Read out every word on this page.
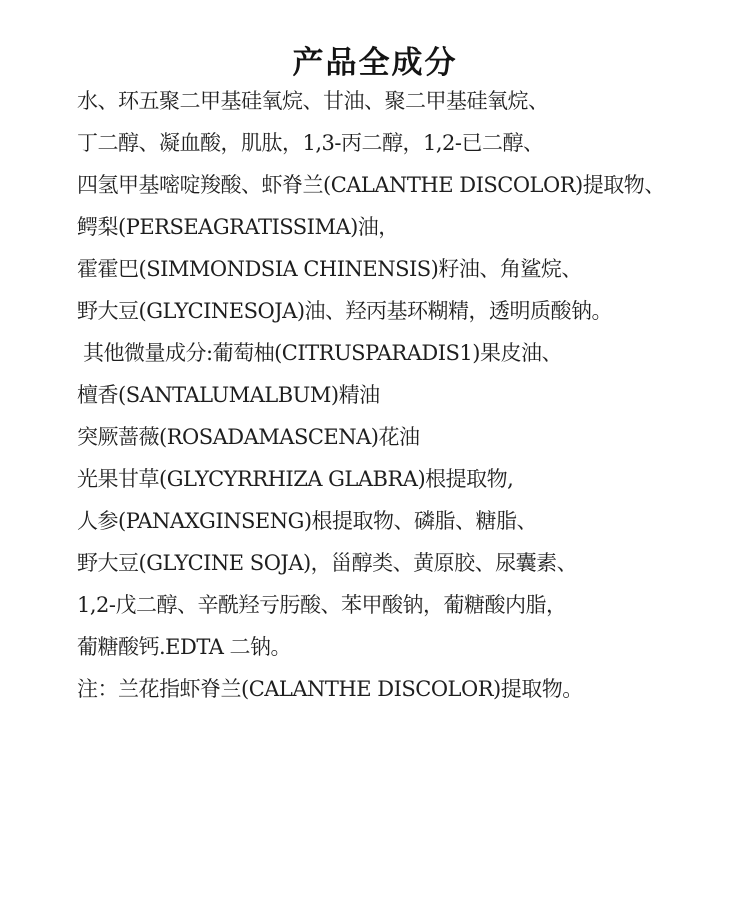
产品全成分
水、环五聚二甲基硅氧烷、甘油、聚二甲基硅氧烷、
丁二醇、凝血酸，肌肽，1,3-丙二醇，1,2-已二醇、
四氢甲基嘧啶羧酸、虾脊兰(CALANTHE DISCOLOR)提取物、
鳄梨(PERSEAGRATISSIMA)油，
霍霍巴(SIMMONDSIA CHINENSIS)籽油、角鲨烷、
野大豆(GLYCINESOJA)油、羟丙基环糊精，透明质酸钠。
其他微量成分:葡萄柚(CITRUSPARADIS1)果皮油、
檀香(SANTALUMALBUM)精油
突厥蔷薇(ROSADAMASCENA)花油
光果甘草(GLYCYRRHIZA GLABRA)根提取物,
人参(PANAXGINSENG)根提取物、磷脂、糖脂、
野大豆(GLYCINE SOJA)，甾醇类、黄原胶、尿囊素、
1,2-戊二醇、辛酰羟亏肟酸、苯甲酸钠，葡糖酸内脂，
葡糖酸钙.EDTA 二钠。
注：兰花指虾脊兰(CALANTHE DISCOLOR)提取物。
